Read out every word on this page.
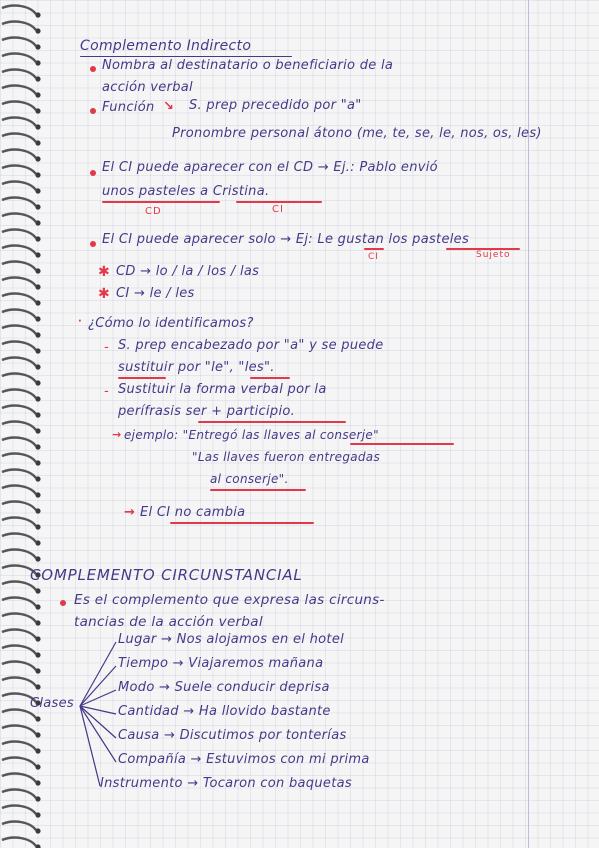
Complemento Indirecto

Nombra al destinatario o beneficiario de la

acción verbal

Función ↘ S. prep precedido por "a"

Pronombre personal átono (me, te, se, le, nos, os, les)

El CI puede aparecer con el CD → Ej.: Pablo envió

unos pasteles a Cristina.

CD	CI

El CI puede aparecer solo → Ej: Le gustan los pasteles

CI	Sujeto
✱ CD → lo / la / los / las

✱ CI → le / les

· ¿Cómo lo identificamos?

- S. prep encabezado por "a" y se puede

sustituir por "le", "les".

- Sustituir la forma verbal por la

perífrasis ser + participio.

→ ejemplo: "Entregó las llaves al conserje"

"Las llaves fueron entregadas

al conserje".

→ El CI no cambia

COMPLEMENTO CIRCUNSTANCIAL

Es el complemento que expresa las circuns-

tancias de la acción verbal

Clases

Lugar → Nos alojamos en el hotel

Tiempo → Viajaremos mañana

Modo → Suele conducir deprisa

Cantidad → Ha llovido bastante

Causa → Discutimos por tonterías

Compañía → Estuvimos con mi prima

Instrumento → Tocaron con baquetas
